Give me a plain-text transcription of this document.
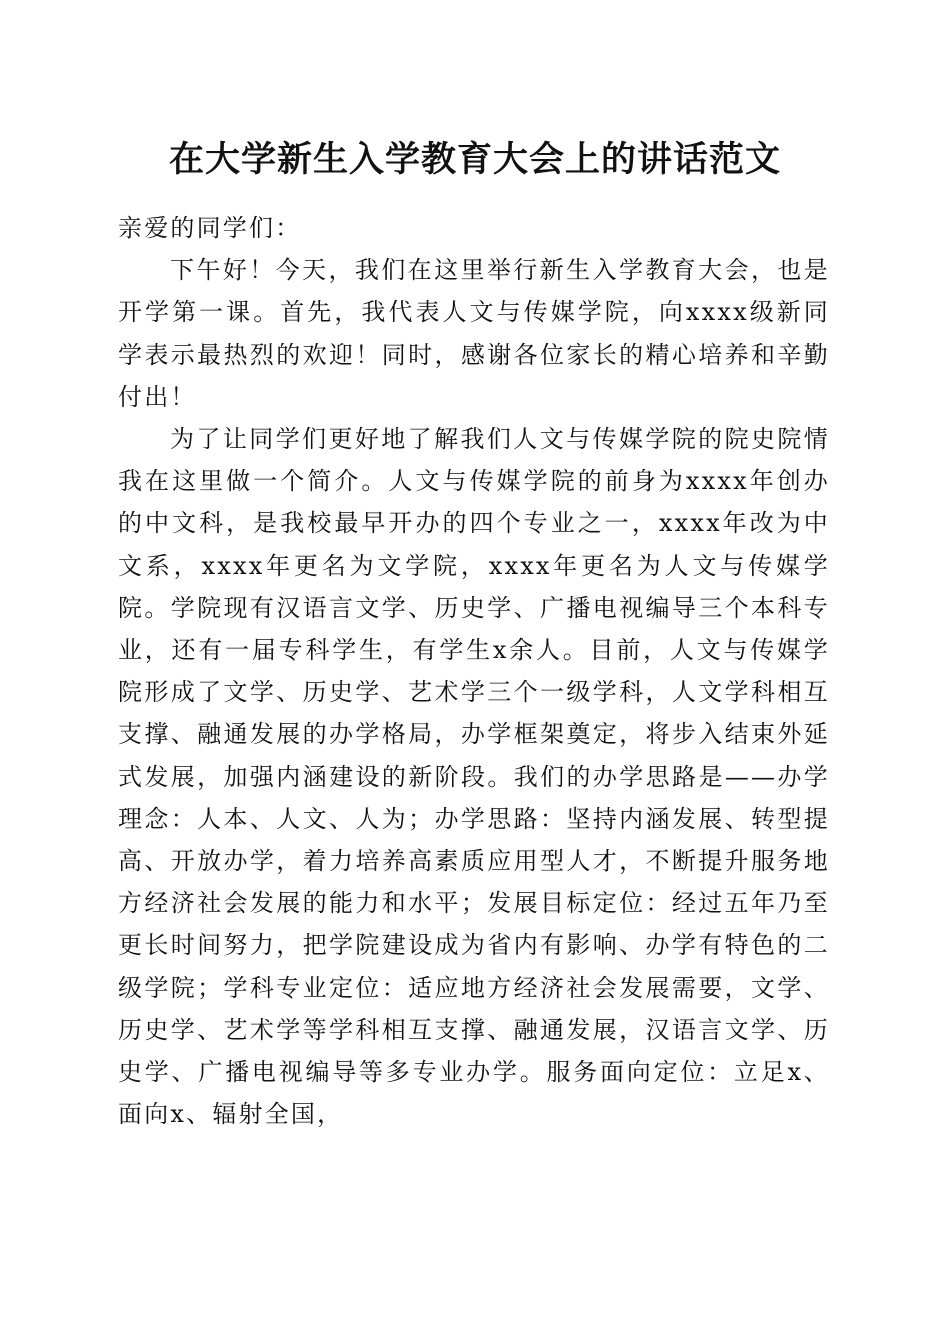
在大学新生入学教育大会上的讲话范文

亲爱的同学们：

下午好！今天，我们在这里举行新生入学教育大会，也是开学第一课。首先，我代表人文与传媒学院，向xxxx级新同学表示最热烈的欢迎！同时，感谢各位家长的精心培养和辛勤付出！

为了让同学们更好地了解我们人文与传媒学院的院史院情我在这里做一个简介。人文与传媒学院的前身为xxxx年创办的中文科，是我校最早开办的四个专业之一，xxxx年改为中文系，xxxx年更名为文学院，xxxx年更名为人文与传媒学院。学院现有汉语言文学、历史学、广播电视编导三个本科专业，还有一届专科学生，有学生x余人。目前，人文与传媒学院形成了文学、历史学、艺术学三个一级学科，人文学科相互支撑、融通发展的办学格局，办学框架奠定，将步入结束外延式发展，加强内涵建设的新阶段。我们的办学思路是——办学理念：人本、人文、人为；办学思路：坚持内涵发展、转型提高、开放办学，着力培养高素质应用型人才，不断提升服务地方经济社会发展的能力和水平；发展目标定位：经过五年乃至更长时间努力，把学院建设成为省内有影响、办学有特色的二级学院；学科专业定位：适应地方经济社会发展需要，文学、历史学、艺术学等学科相互支撑、融通发展，汉语言文学、历史学、广播电视编导等多专业办学。服务面向定位：立足x、面向x、辐射全国，
